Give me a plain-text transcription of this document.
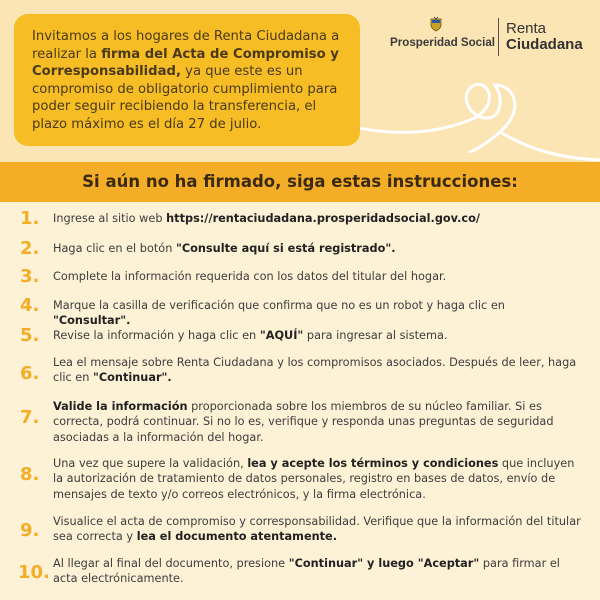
Invitamos a los hogares de Renta Ciudadana a realizar la firma del Acta de Compromiso y Corresponsabilidad, ya que este es un compromiso de obligatorio cumplimiento para poder seguir recibiendo la transferencia, el plazo máximo es el día 27 de julio.
Prosperidad Social
Renta
Ciudadana
Si aún no ha firmado, siga estas instrucciones:
1.	Ingrese al sitio web https://rentaciudadana.prosperidadsocial.gov.co/
2.	Haga clic en el botón "Consulte aquí si está registrado".
3.	Complete la información requerida con los datos del titular del hogar.
4.	Marque la casilla de verificación que confirma que no es un robot y haga clic en "Consultar".
5.	Revise la información y haga clic en "AQUÍ" para ingresar al sistema.
6.
Lea el mensaje sobre Renta Ciudadana y los compromisos asociados. Después de leer, haga clic en "Continuar".
7.
Valide la información proporcionada sobre los miembros de su núcleo familiar. Si es correcta, podrá continuar. Si no lo es, verifique y responda unas preguntas de seguridad asociadas a la información del hogar.
8.
Una vez que supere la validación, lea y acepte los términos y condiciones que incluyen la autorización de tratamiento de datos personales, registro en bases de datos, envío de mensajes de texto y/o correos electrónicos, y la firma electrónica.
9.	Visualice el acta de compromiso y corresponsabilidad. Verifique que la información del titular sea correcta y lea el documento atentamente.
10. Al llegar al final del documento, presione "Continuar" y luego "Aceptar" para firmar el acta electrónicamente.
